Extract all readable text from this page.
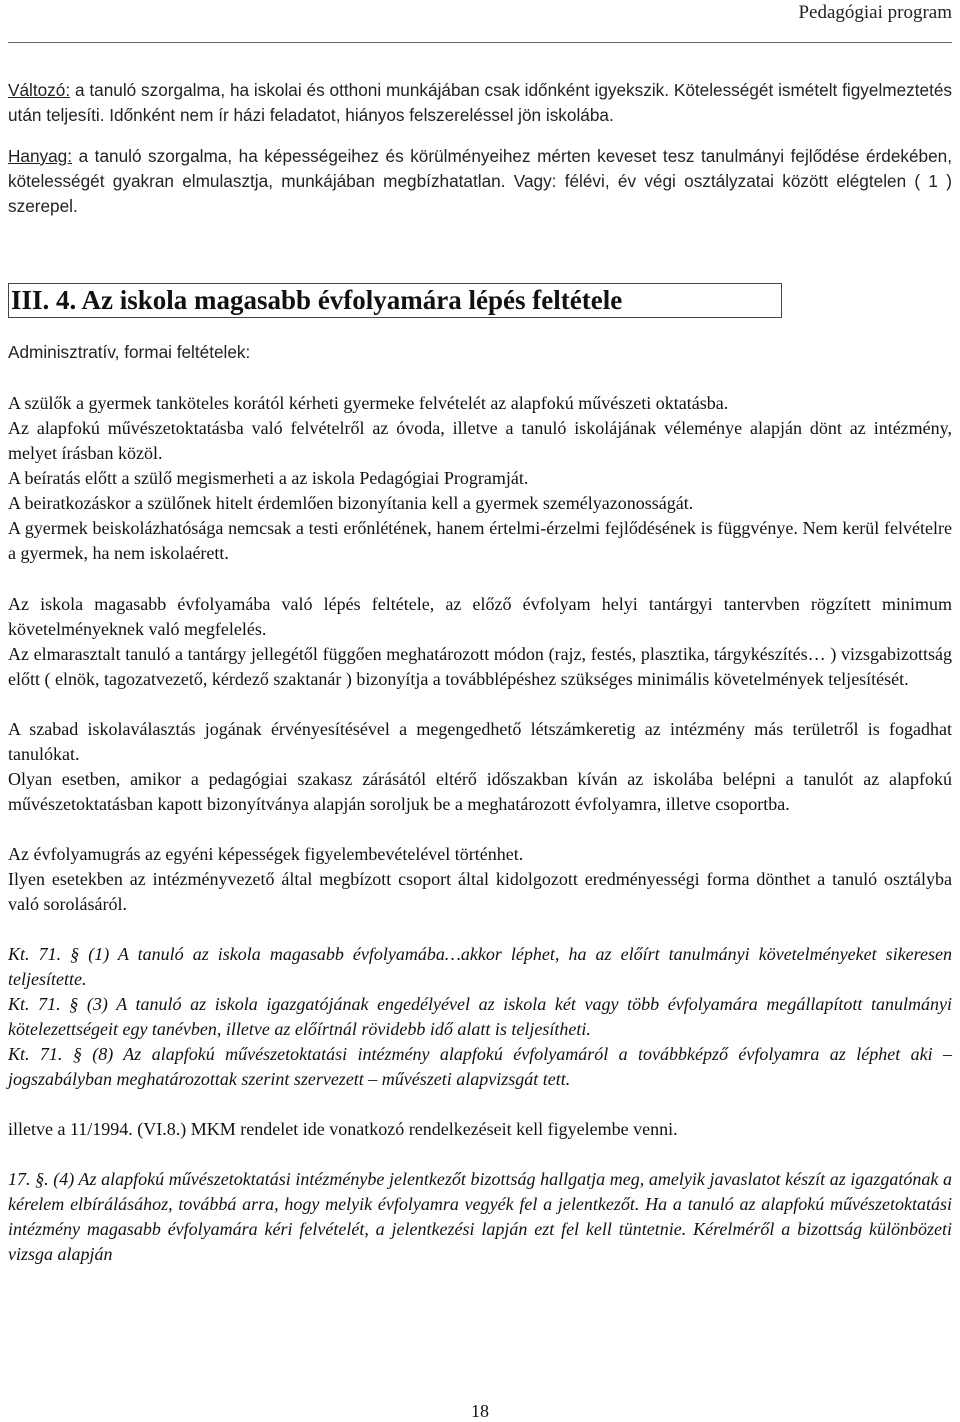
Pedagógiai program

Változó: a tanuló szorgalma, ha iskolai és otthoni munkájában csak időnként igyekszik. Kötelességét ismételt figyelmeztetés után teljesíti. Időnként nem ír házi feladatot, hiányos felszereléssel jön iskolába.

Hanyag: a tanuló szorgalma, ha képességeihez és körülményeihez mérten keveset tesz tanulmányi fejlődése érdekében, kötelességét gyakran elmulasztja, munkájában megbízhatatlan. Vagy: félévi, év végi osztályzatai között elégtelen ( 1 ) szerepel.

III. 4. Az iskola magasabb évfolyamára lépés feltétele

Adminisztratív, formai feltételek:

A szülők a gyermek tanköteles korától kérheti gyermeke felvételét az alapfokú művészeti oktatásba.

Az alapfokú művészetoktatásba való felvételről az óvoda, illetve a tanuló iskolájának véleménye alapján dönt az intézmény, melyet írásban közöl.

A beíratás előtt a szülő megismerheti a az iskola Pedagógiai Programját.

A beiratkozáskor a szülőnek hitelt érdemlően bizonyítania kell a gyermek személyazonosságát.

A gyermek beiskolázhatósága nemcsak a testi erőnlétének, hanem értelmi-érzelmi fejlődésének is függvénye. Nem kerül felvételre a gyermek, ha nem iskolaérett.

Az iskola magasabb évfolyamába való lépés feltétele, az előző évfolyam helyi tantárgyi tantervben rögzített minimum követelményeknek való megfelelés.

Az elmarasztalt tanuló a tantárgy jellegétől függően meghatározott módon (rajz, festés, plasztika, tárgykészítés… ) vizsgabizottság előtt ( elnök, tagozatvezető, kérdező szaktanár ) bizonyítja a továbblépéshez szükséges minimális követelmények teljesítését.

A szabad iskolaválasztás jogának érvényesítésével a megengedhető létszámkeretig az intézmény más területről is fogadhat tanulókat.

Olyan esetben, amikor a pedagógiai szakasz zárásától eltérő időszakban kíván az iskolába belépni a tanulót az alapfokú művészetoktatásban kapott bizonyítványa alapján soroljuk be a meghatározott évfolyamra, illetve csoportba.

Az évfolyamugrás az egyéni képességek figyelembevételével történhet.

Ilyen esetekben az intézményvezető által megbízott csoport által kidolgozott eredményességi forma dönthet a tanuló osztályba való sorolásáról.

Kt. 71. § (1) A tanuló az iskola magasabb évfolyamába…akkor léphet, ha az előírt tanulmányi követelményeket sikeresen teljesítette.

Kt. 71. § (3) A tanuló az iskola igazgatójának engedélyével az iskola két vagy több évfolyamára megállapított tanulmányi kötelezettségeit egy tanévben, illetve az előírtnál rövidebb idő alatt is teljesítheti.

Kt. 71. § (8) Az alapfokú művészetoktatási intézmény alapfokú évfolyamáról a továbbképző évfolyamra az léphet aki – jogszabályban meghatározottak szerint szervezett – művészeti alapvizsgát tett.

illetve a 11/1994. (VI.8.) MKM rendelet ide vonatkozó rendelkezéseit kell figyelembe venni.

17. §. (4) Az alapfokú művészetoktatási intézménybe jelentkezőt bizottság hallgatja meg, amelyik javaslatot készít az igazgatónak a kérelem elbírálásához, továbbá arra, hogy melyik évfolyamra vegyék fel a jelentkezőt. Ha a tanuló az alapfokú művészetoktatási intézmény magasabb évfolyamára kéri felvételét, a jelentkezési lapján ezt fel kell tüntetnie. Kérelméről a bizottság különbözeti vizsga alapján

18
